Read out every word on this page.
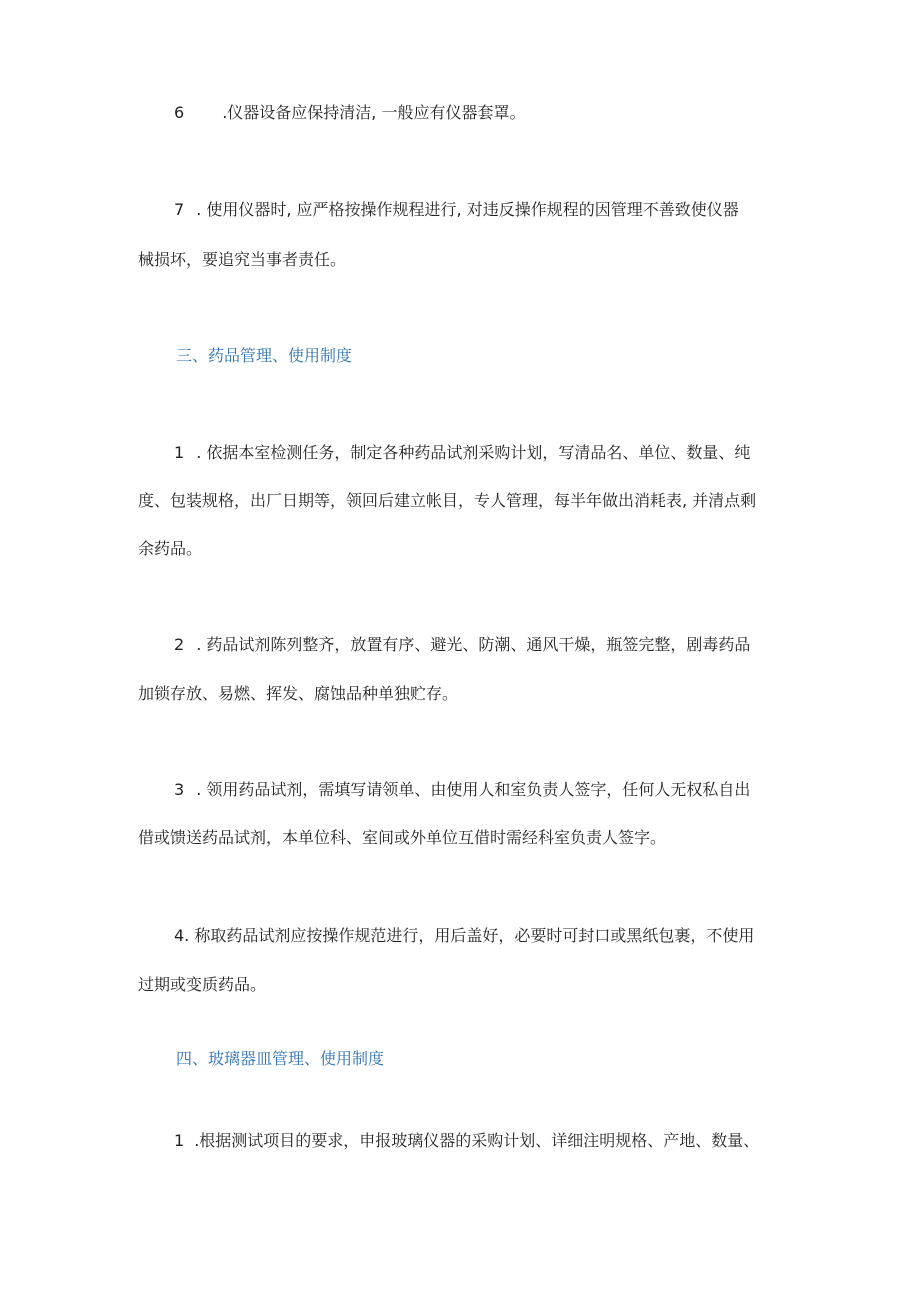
6 .仪器设备应保持清洁, 一般应有仪器套罩。
7 . 使用仪器时, 应严格按操作规程进行, 对违反操作规程的因管理不善致使仪器
械损坏，要追究当事者责任。
三、药品管理、使用制度
1 . 依据本室检测任务，制定各种药品试剂采购计划，写清品名、单位、数量、纯
度、包装规格，出厂日期等，领回后建立帐目，专人管理，每半年做出消耗表, 并清点剩
余药品。
2 . 药品试剂陈列整齐，放置有序、避光、防潮、通风干燥，瓶签完整，剧毒药品
加锁存放、易燃、挥发、腐蚀品种单独贮存。
3 . 领用药品试剂，需填写请领单、由使用人和室负责人签字，任何人无权私自出
借或馈送药品试剂，本单位科、室间或外单位互借时需经科室负责人签字。
4. 称取药品试剂应按操作规范进行，用后盖好，必要时可封口或黑纸包裹，不使用
过期或变质药品。
四、玻璃器皿管理、使用制度
1 .根据测试项目的要求，申报玻璃仪器的采购计划、详细注明规格、产地、数量、
